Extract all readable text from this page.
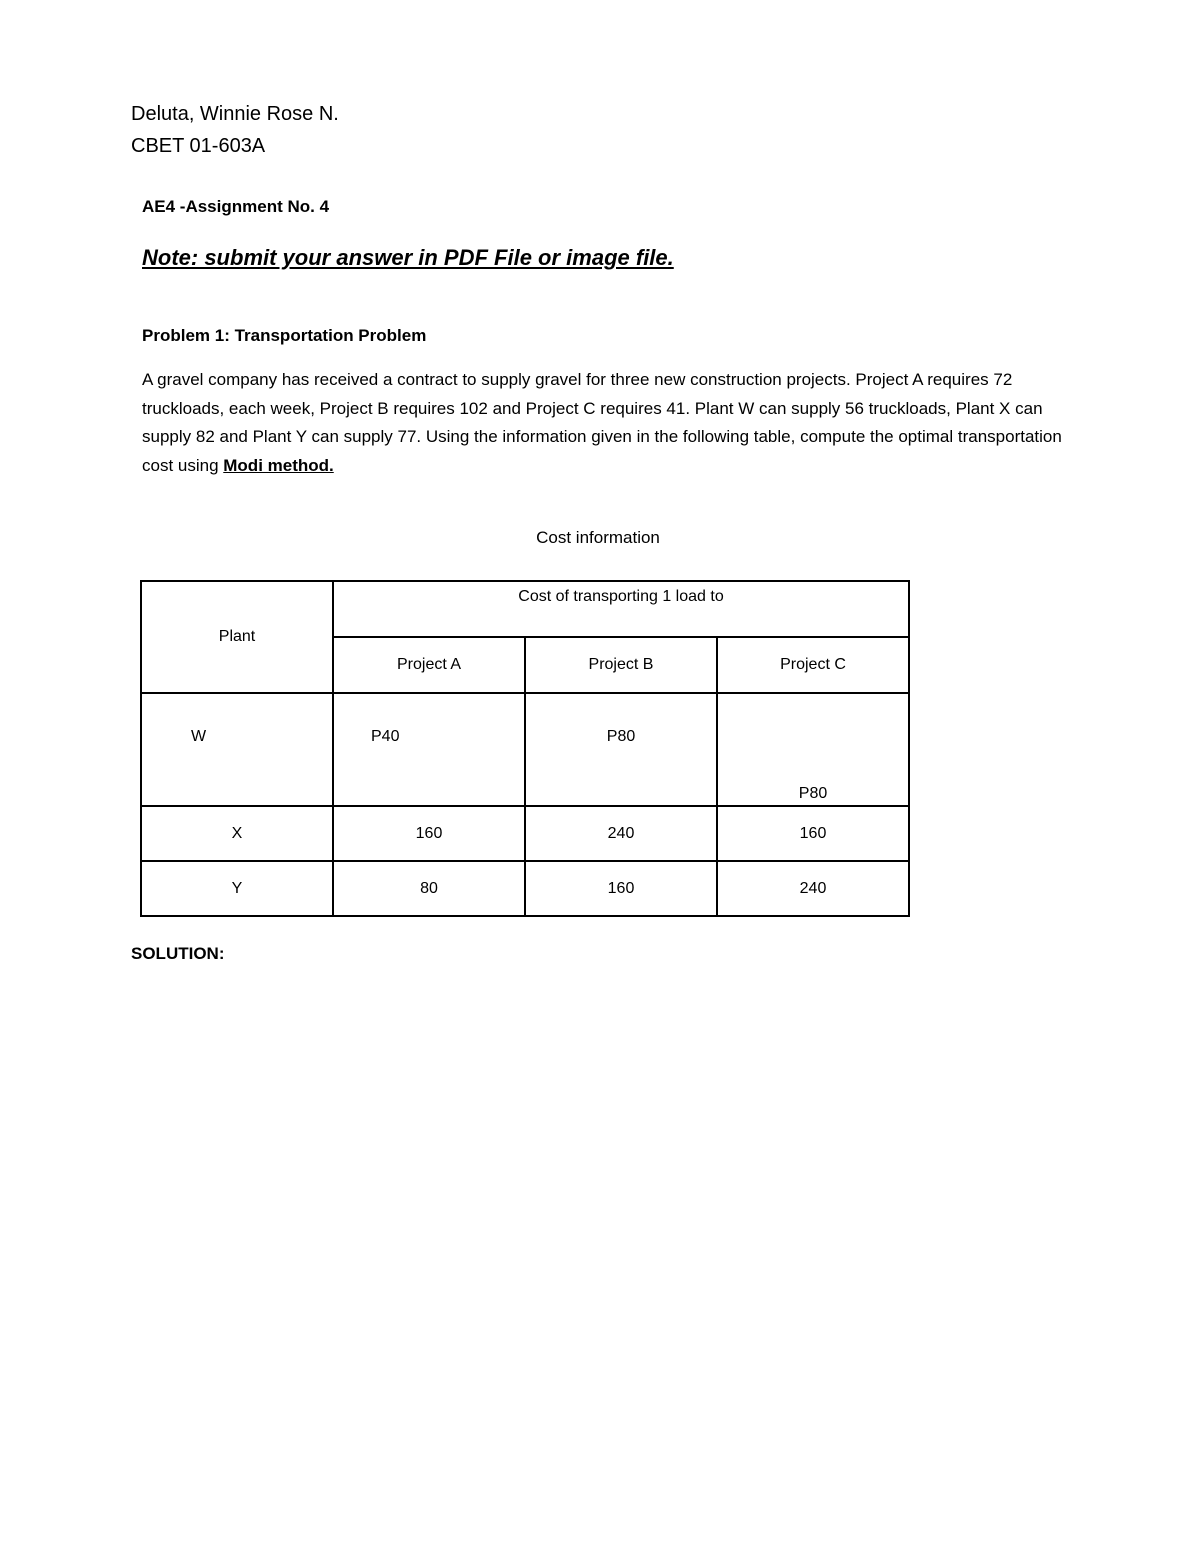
Deluta, Winnie Rose N.
CBET 01-603A
AE4 -Assignment No. 4
Note: submit your answer in PDF File or image file.
Problem 1: Transportation Problem
A gravel company has received a contract to supply gravel for three new construction projects. Project A requires 72 truckloads, each week, Project B requires 102 and Project C requires 41. Plant W can supply 56 truckloads, Plant X can supply 82 and Plant Y can supply 77. Using the information given in the following table, compute the optimal transportation cost using Modi method.
Cost information
Plant	Cost of transporting 1 load to		
	Project A	Project B	Project C
W	P40	P80	P80
X	160	240	160
Y	80	160	240
SOLUTION:
